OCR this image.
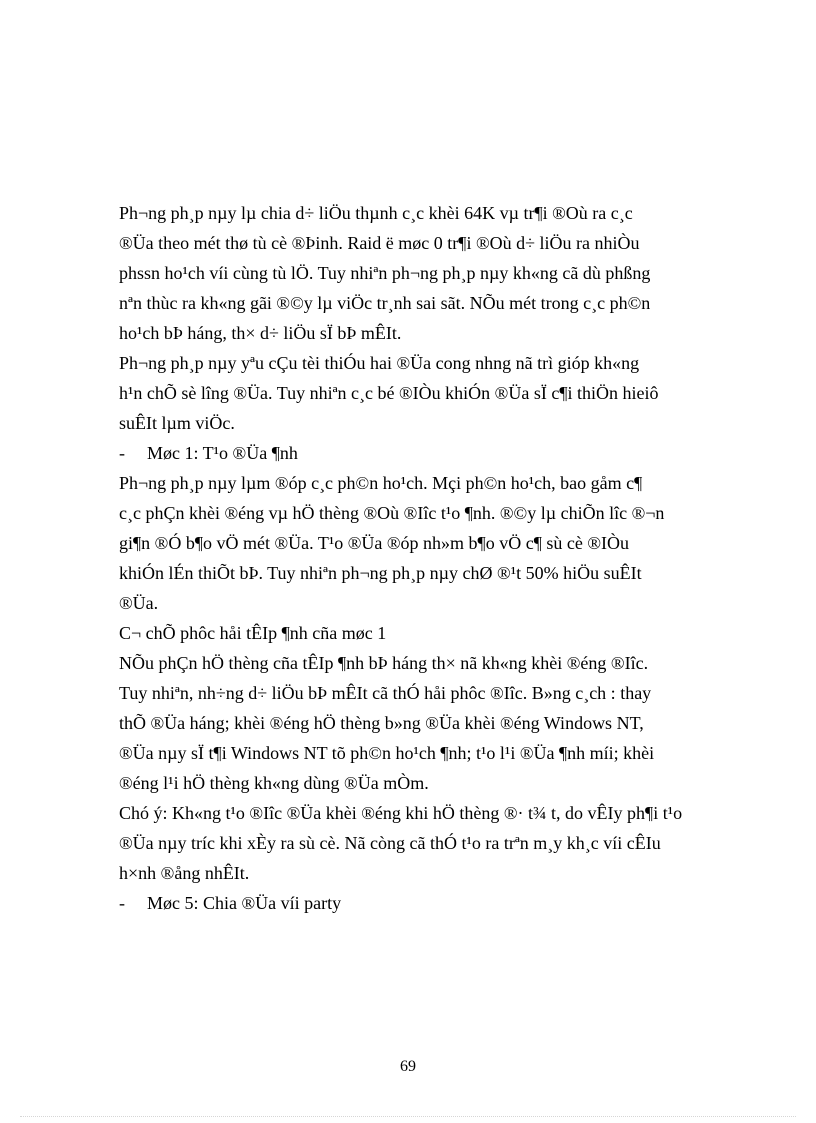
Ph¬ng ph¸p nµy lµ chia d÷ liÖu thµnh c¸c khèi 64K vµ tr¶i ®Où ra c¸c
®Üa theo mét thø tù cè ®Þinh. Raid ë møc 0 tr¶i ®Où d÷ liÖu ra nhiÒu
phssn ho¹ch víi cùng tù lÖ. Tuy nhiªn ph¬ng ph¸p nµy kh«ng cã dù phßng
nªn thùc ra kh«ng gãi ®©y lµ viÖc tr¸nh sai sãt. NÕu mét trong c¸c ph©n
ho¹ch bÞ háng, th× d÷ liÖu sÏ bÞ mÊIt.
Ph¬ng ph¸p nµy yªu cÇu tèi thiÓu hai ®Üa cong nhng nã trì gióp kh«ng
h¹n chÕ sè lîng ®Üa. Tuy nhiªn c¸c bé ®IÒu khiÓn ®Üa sÏ c¶i thiÖn hieiô
suÊIt lµm viÖc.
- Møc 1: T¹o ®Üa ¶nh
Ph¬ng ph¸p nµy lµm ®óp c¸c ph©n ho¹ch. Mçi ph©n ho¹ch, bao gåm c¶
c¸c phÇn khèi ®éng vµ hÖ thèng ®Où ®Iîc t¹o ¶nh. ®©y lµ chiÕn lîc ®¬n
gi¶n ®Ó b¶o vÖ mét ®Üa. T¹o ®Üa ®óp nh»m b¶o vÖ c¶ sù cè ®IÒu
khiÓn lÉn thiÕt bÞ. Tuy nhiªn ph¬ng ph¸p nµy chØ ®¹t 50% hiÖu suÊIt
®Üa.
C¬ chÕ phôc håi tÊIp ¶nh cña møc 1
NÕu phÇn hÖ thèng cña tÊIp ¶nh bÞ háng th× nã kh«ng khèi ®éng ®Iîc.
Tuy nhiªn, nh÷ng d÷ liÖu bÞ mÊIt cã thÓ håi phôc ®Iîc. B»ng c¸ch : thay
thÕ ®Üa háng; khèi ®éng hÖ thèng b»ng ®Üa khèi ®éng Windows NT,
®Üa nµy sÏ t¶i Windows NT tõ ph©n ho¹ch ¶nh; t¹o l¹i ®Üa ¶nh míi; khèi
®éng l¹i hÖ thèng kh«ng dùng ®Üa mÒm.
Chó ý: Kh«ng t¹o ®Iîc ®Üa khèi ®éng khi hÖ thèng ®· t¾ t, do vÊIy ph¶i t¹o
®Üa nµy tríc khi xÈy ra sù cè. Nã còng cã thÓ t¹o ra trªn m¸y kh¸c víi cÊIu
h×nh ®ång nhÊIt.
- Møc 5: Chia ®Üa víi party
69
